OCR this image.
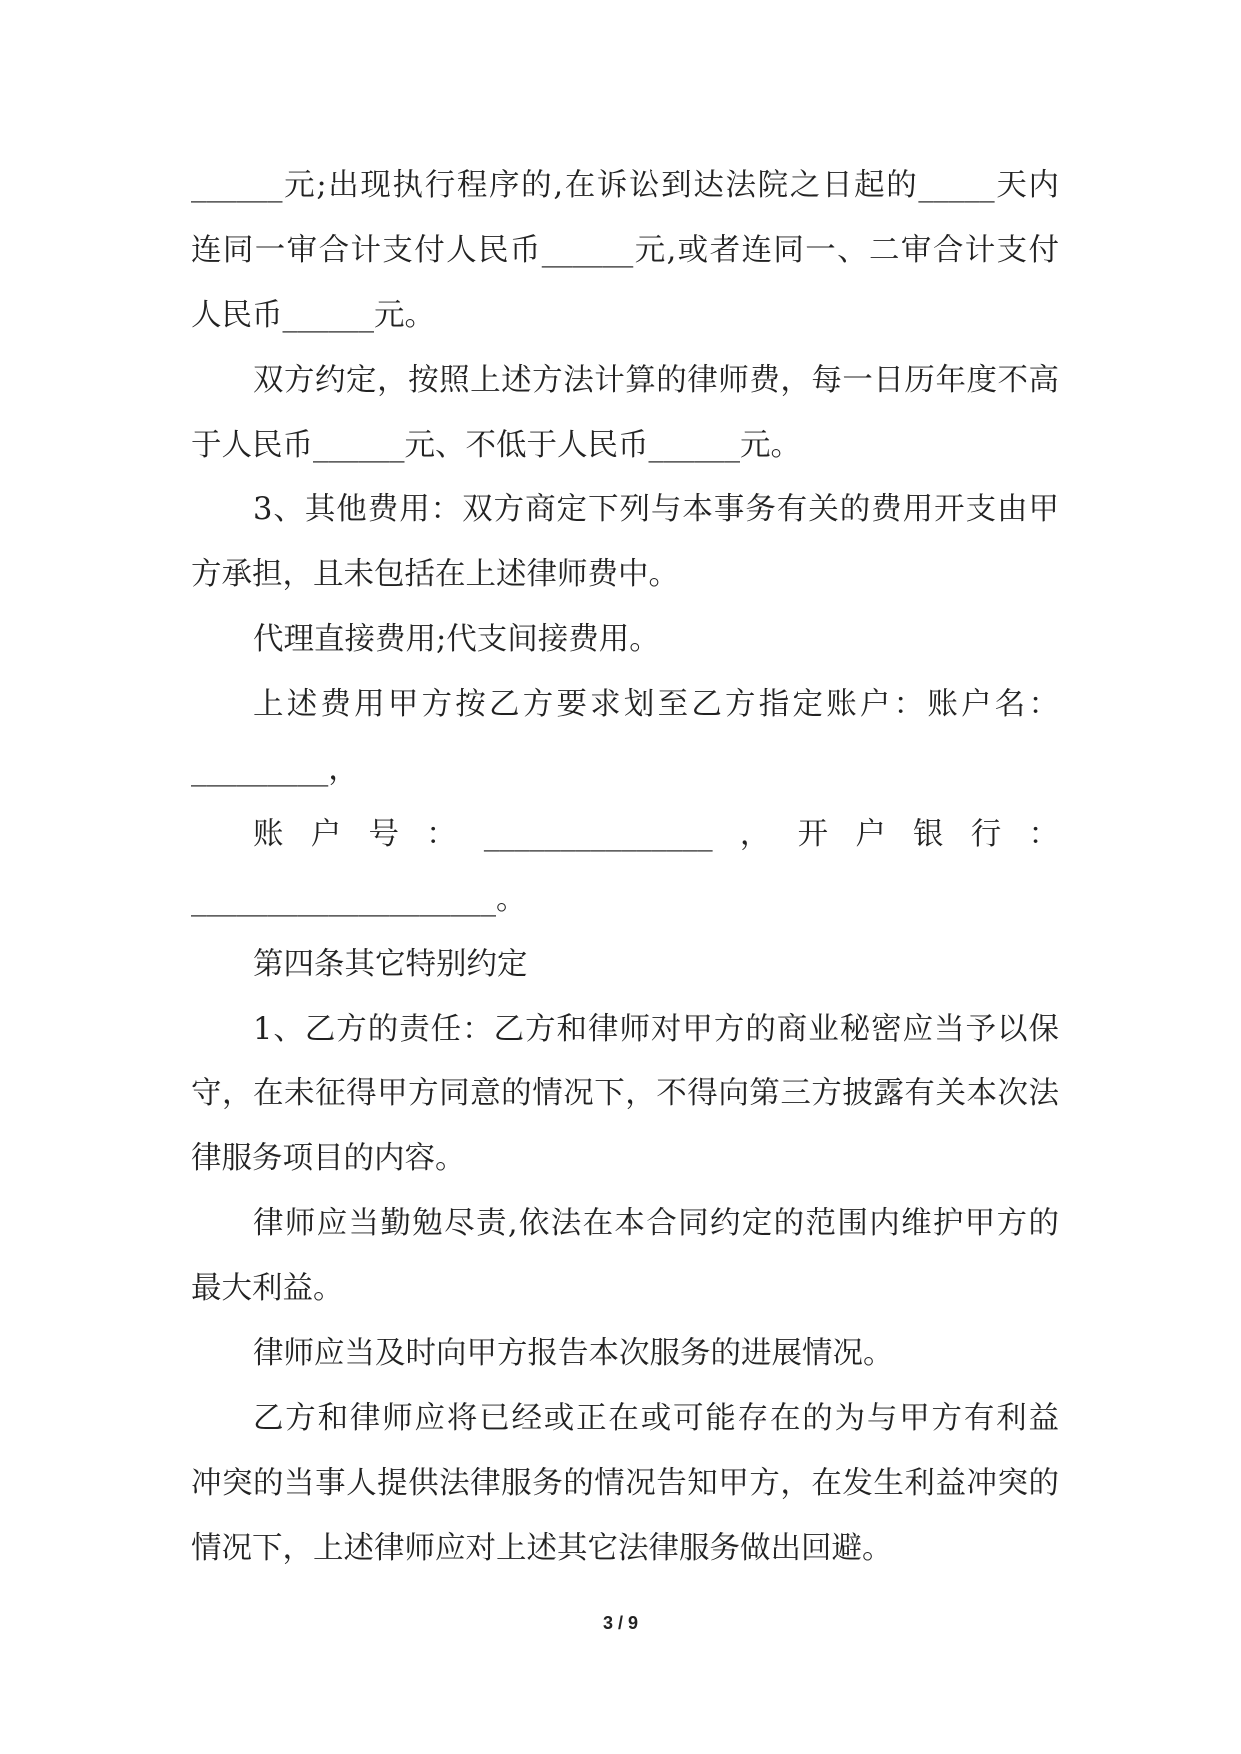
______元;出现执行程序的,在诉讼到达法院之日起的_____天内
连同一审合计支付人民币______元,或者连同一、二审合计支付
人民币______元。
双方约定，按照上述方法计算的律师费，每一日历年度不高
于人民币______元、不低于人民币______元。
3、其他费用：双方商定下列与本事务有关的费用开支由甲
方承担，且未包括在上述律师费中。
代理直接费用;代支间接费用。
上述费用甲方按乙方要求划至乙方指定账户：账户名：
_________，
账户号：_______________，开户银行：
____________________。
第四条其它特别约定
1、乙方的责任：乙方和律师对甲方的商业秘密应当予以保
守，在未征得甲方同意的情况下，不得向第三方披露有关本次法
律服务项目的内容。
律师应当勤勉尽责,依法在本合同约定的范围内维护甲方的
最大利益。
律师应当及时向甲方报告本次服务的进展情况。
乙方和律师应将已经或正在或可能存在的为与甲方有利益
冲突的当事人提供法律服务的情况告知甲方，在发生利益冲突的
情况下，上述律师应对上述其它法律服务做出回避。
3 / 9
